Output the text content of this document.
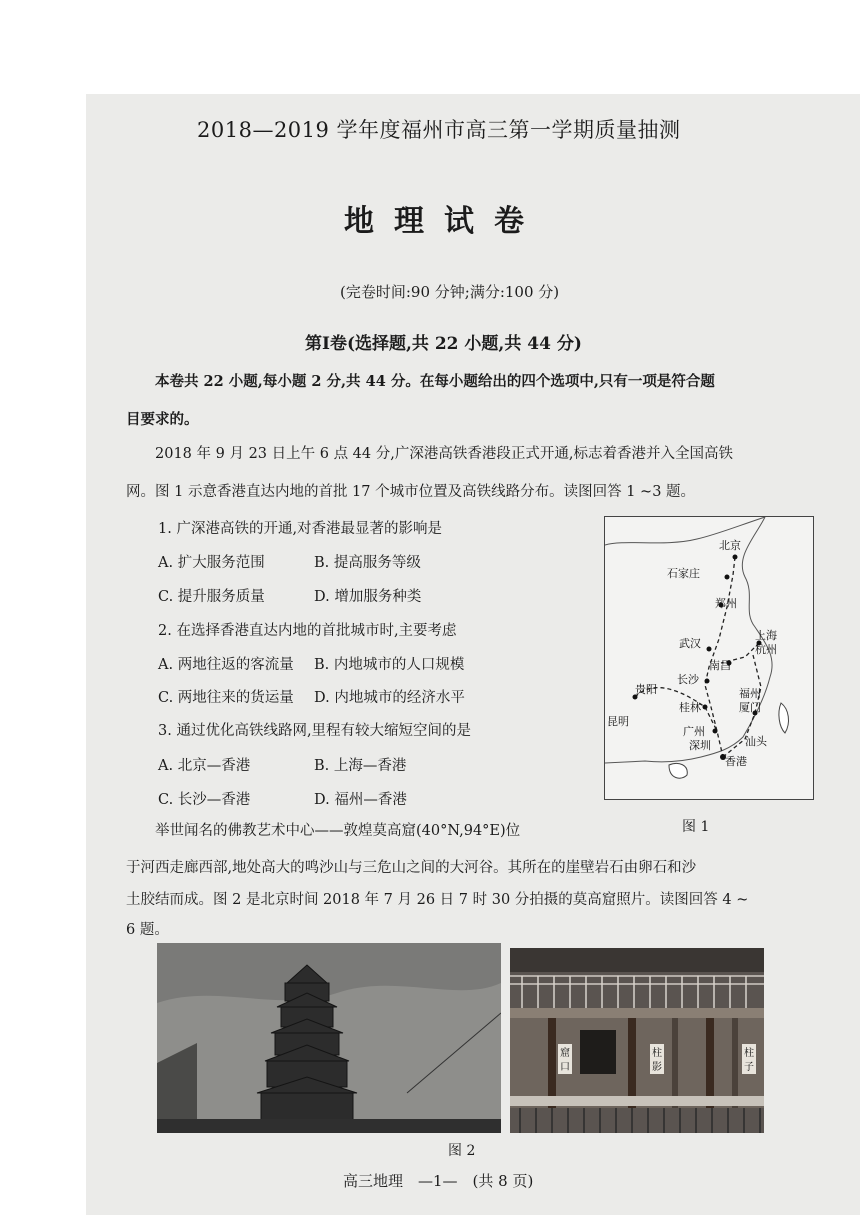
2018—2019 学年度福州市高三第一学期质量抽测
地理试卷
(完卷时间:90 分钟;满分:100 分)
第Ⅰ卷(选择题,共 22 小题,共 44 分)
本卷共 22 小题,每小题 2 分,共 44 分。在每小题给出的四个选项中,只有一项是符合题
目要求的。
2018 年 9 月 23 日上午 6 点 44 分,广深港高铁香港段正式开通,标志着香港并入全国高铁
网。图 1 示意香港直达内地的首批 17 个城市位置及高铁线路分布。读图回答 1 ~3 题。
1. 广深港高铁的开通,对香港最显著的影响是
A. 扩大服务范围	B. 提高服务等级
C. 提升服务质量	D. 增加服务种类
2. 在选择香港直达内地的首批城市时,主要考虑
A. 两地往返的客流量 B. 内地城市的人口规模
C. 两地往来的货运量 D. 内地城市的经济水平
3. 通过优化高铁线路网,里程有较大缩短空间的是
A. 北京—香港	B. 上海—香港
C. 长沙—香港	D. 福州—香港
北京
石家庄
郑州
上海
杭州
武汉
南昌
长沙
福州
厦门
贵阳
桂林
昆明
广州
深圳	汕头
香港
图 1
举世闻名的佛教艺术中心——敦煌莫高窟(40°N,94°E)位
于河西走廊西部,地处高大的鸣沙山与三危山之间的大河谷。其所在的崖壁岩石由卵石和沙
土胶结而成。图 2 是北京时间 2018 年 7 月 26 日 7 时 30 分拍摄的莫高窟照片。读图回答 4 ~
6 题。
窟
口
柱
影
柱
子
图 2
高三地理　—1—　(共 8 页)
